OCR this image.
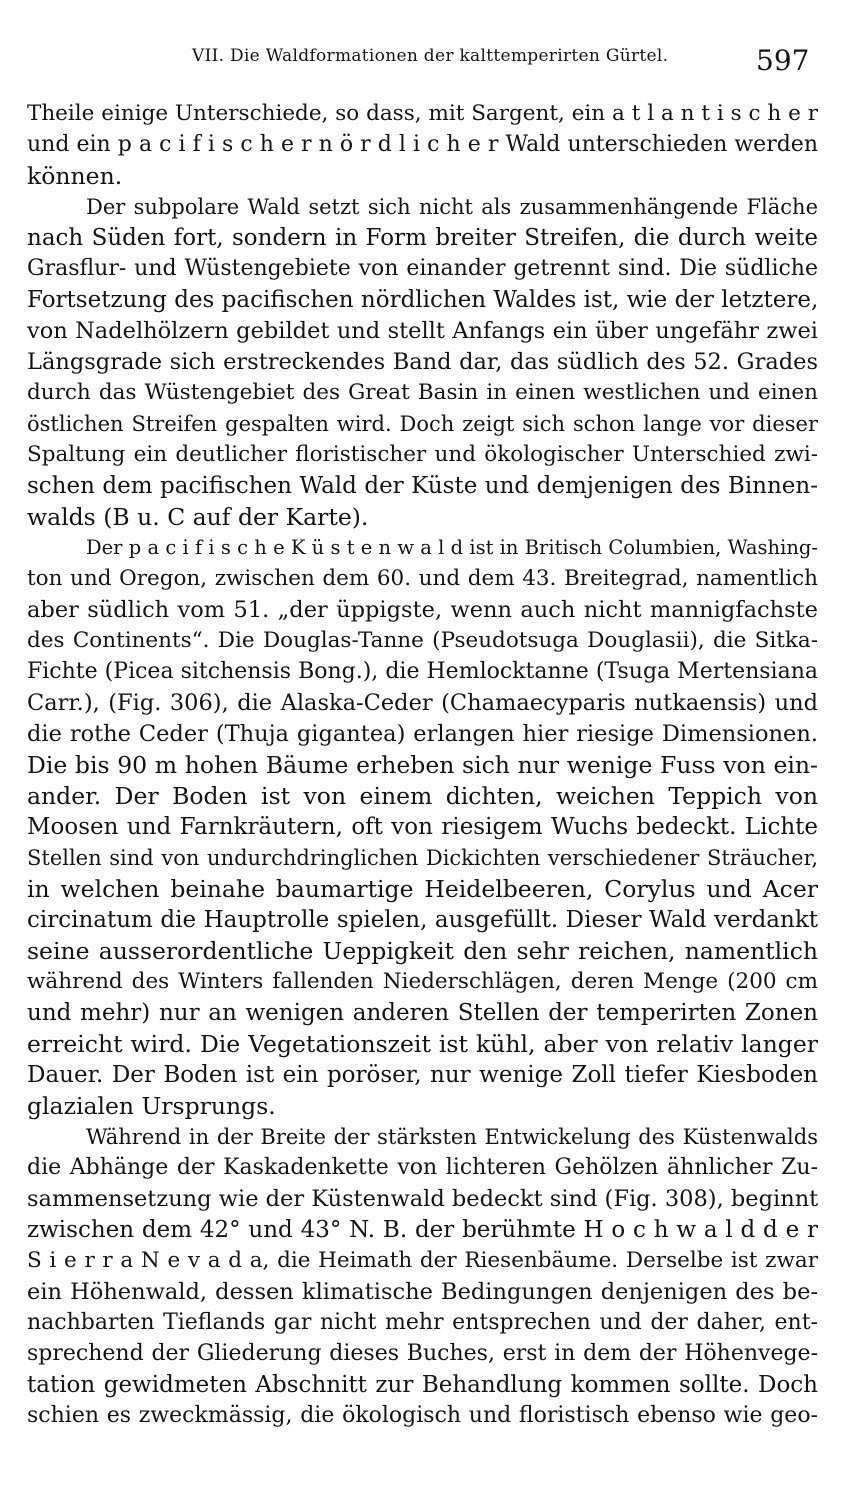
VII. Die Waldformationen der kalttemperirten Gürtel.	597
Theile einige Unterschiede, so dass, mit Sargent, ein a t l a n t i s c h e r
und ein p a c i f i s c h e r n ö r d l i c h e r Wald unterschieden werden
können.
Der subpolare Wald setzt sich nicht als zusammenhängende Fläche
nach Süden fort, sondern in Form breiter Streifen, die durch weite
Grasflur- und Wüstengebiete von einander getrennt sind. Die südliche
Fortsetzung des pacifischen nördlichen Waldes ist, wie der letztere,
von Nadelhölzern gebildet und stellt Anfangs ein über ungefähr zwei
Längsgrade sich erstreckendes Band dar, das südlich des 52. Grades
durch das Wüstengebiet des Great Basin in einen westlichen und einen
östlichen Streifen gespalten wird. Doch zeigt sich schon lange vor dieser
Spaltung ein deutlicher floristischer und ökologischer Unterschied zwi-
schen dem pacifischen Wald der Küste und demjenigen des Binnen-
walds (B u. C auf der Karte).
Der p a c i f i s c h e K ü s t e n w a l d ist in Britisch Columbien, Washing-
ton und Oregon, zwischen dem 60. und dem 43. Breitegrad, namentlich
aber südlich vom 51. „der üppigste, wenn auch nicht mannigfachste
des Continents“. Die Douglas-Tanne (Pseudotsuga Douglasii), die Sitka-
Fichte (Picea sitchensis Bong.), die Hemlocktanne (Tsuga Mertensiana
Carr.), (Fig. 306), die Alaska-Ceder (Chamaecyparis nutkaensis) und
die rothe Ceder (Thuja gigantea) erlangen hier riesige Dimensionen.
Die bis 90 m hohen Bäume erheben sich nur wenige Fuss von ein-
ander. Der Boden ist von einem dichten, weichen Teppich von
Moosen und Farnkräutern, oft von riesigem Wuchs bedeckt. Lichte
Stellen sind von undurchdringlichen Dickichten verschiedener Sträucher,
in welchen beinahe baumartige Heidelbeeren, Corylus und Acer
circinatum die Hauptrolle spielen, ausgefüllt. Dieser Wald verdankt
seine ausserordentliche Ueppigkeit den sehr reichen, namentlich
während des Winters fallenden Niederschlägen, deren Menge (200 cm
und mehr) nur an wenigen anderen Stellen der temperirten Zonen
erreicht wird. Die Vegetationszeit ist kühl, aber von relativ langer
Dauer. Der Boden ist ein poröser, nur wenige Zoll tiefer Kiesboden
glazialen Ursprungs.
Während in der Breite der stärksten Entwickelung des Küstenwalds
die Abhänge der Kaskadenkette von lichteren Gehölzen ähnlicher Zu-
sammensetzung wie der Küstenwald bedeckt sind (Fig. 308), beginnt
zwischen dem 42° und 43° N. B. der berühmte H o c h w a l d d e r
S i e r r a N e v a d a, die Heimath der Riesenbäume. Derselbe ist zwar
ein Höhenwald, dessen klimatische Bedingungen denjenigen des be-
nachbarten Tieflands gar nicht mehr entsprechen und der daher, ent-
sprechend der Gliederung dieses Buches, erst in dem der Höhenvege-
tation gewidmeten Abschnitt zur Behandlung kommen sollte. Doch
schien es zweckmässig, die ökologisch und floristisch ebenso wie geo-
